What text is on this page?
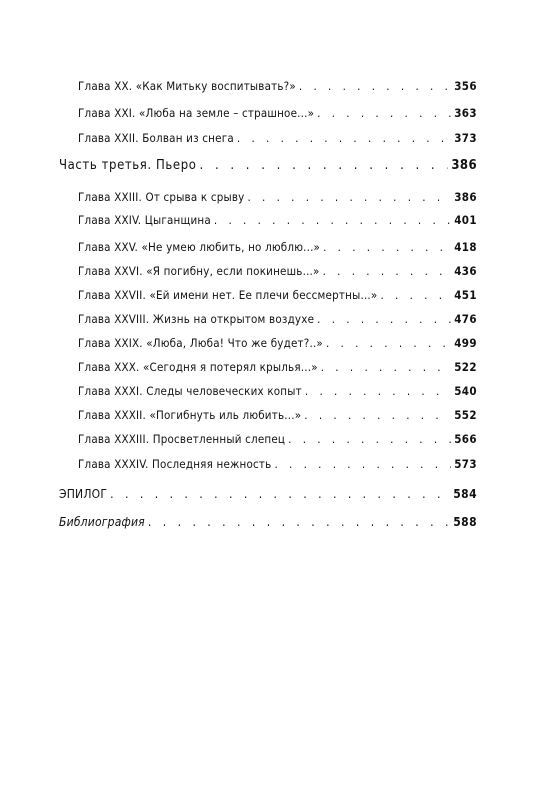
Глава XX. «Как Митьку воспитывать?» . . .	356
Глава XXI. «Люба на земле – страшное...» . . .	363
Глава XXII. Болван из снега . . .	373
Часть третья. Пьеро . . .	386
Глава XXIII. От срыва к срыву . . .	386
Глава XXIV. Цыганщина . . .	401
Глава XXV. «Не умею любить, но люблю...» . . .	418
Глава XXVI. «Я погибну, если покинешь...» . . .	436
Глава XXVII. «Ей имени нет. Ее плечи бессмертны...» . . .	451
Глава XXVIII. Жизнь на открытом воздухе . . .	476
Глава XXIX. «Люба, Люба! Что же будет?..» . . .	499
Глава XXX. «Сегодня я потерял крылья...» . . .	522
Глава XXXI. Следы человеческих копыт . . .	540
Глава XXXII. «Погибнуть иль любить...» . . .	552
Глава XXXIII. Просветленный слепец . . .	566
Глава XXXIV. Последняя нежность . . .	573
ЭПИЛОГ . . .	584
Библиография . . .	588
